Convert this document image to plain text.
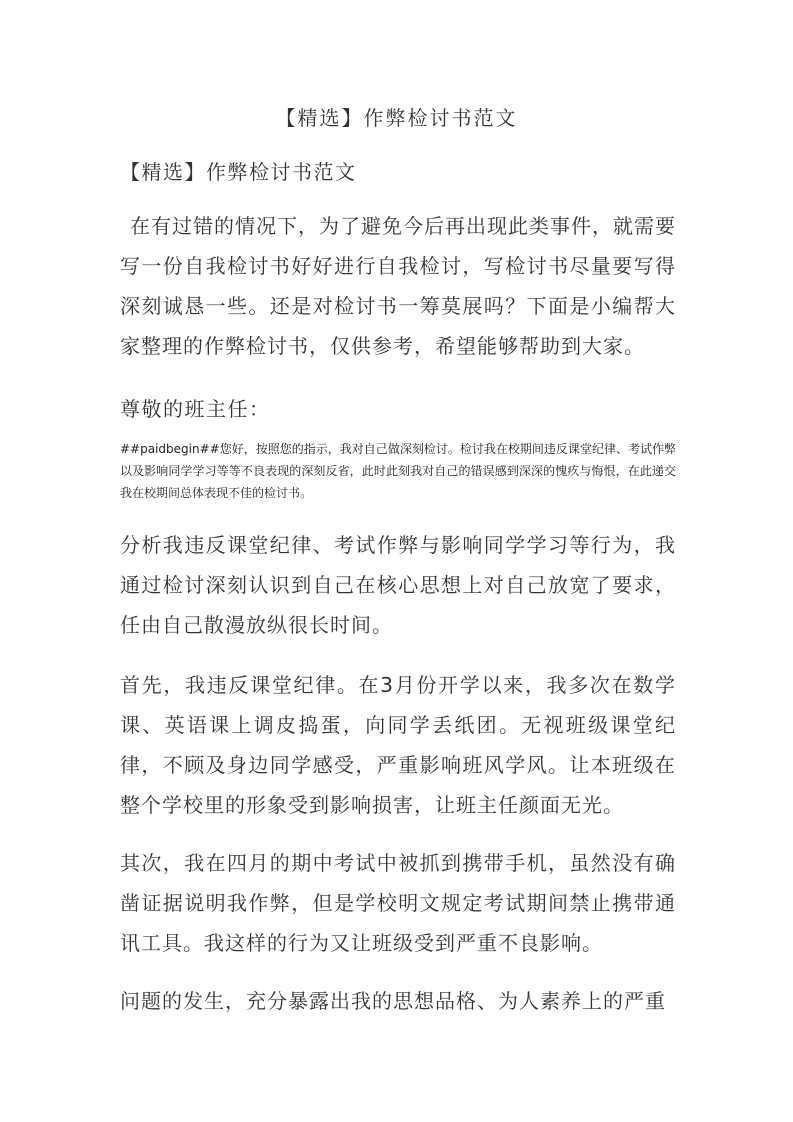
【精选】作弊检讨书范文
【精选】作弊检讨书范文
在有过错的情况下，为了避免今后再出现此类事件，就需要写一份自我检讨书好好进行自我检讨，写检讨书尽量要写得深刻诚恳一些。还是对检讨书一筹莫展吗？下面是小编帮大家整理的作弊检讨书，仅供参考，希望能够帮助到大家。
尊敬的班主任：
##paidbegin##您好，按照您的指示，我对自己做深刻检讨。检讨我在校期间违反课堂纪律、考试作弊以及影响同学学习等等不良表现的深刻反省，此时此刻我对自己的错误感到深深的愧疚与悔恨，在此递交我在校期间总体表现不佳的检讨书。
分析我违反课堂纪律、考试作弊与影响同学学习等行为，我通过检讨深刻认识到自己在核心思想上对自己放宽了要求，任由自己散漫放纵很长时间。
首先，我违反课堂纪律。在3月份开学以来，我多次在数学课、英语课上调皮捣蛋，向同学丢纸团。无视班级课堂纪律，不顾及身边同学感受，严重影响班风学风。让本班级在整个学校里的形象受到影响损害，让班主任颜面无光。
其次，我在四月的期中考试中被抓到携带手机，虽然没有确凿证据说明我作弊，但是学校明文规定考试期间禁止携带通讯工具。我这样的行为又让班级受到严重不良影响。
问题的发生，充分暴露出我的思想品格、为人素养上的严重
